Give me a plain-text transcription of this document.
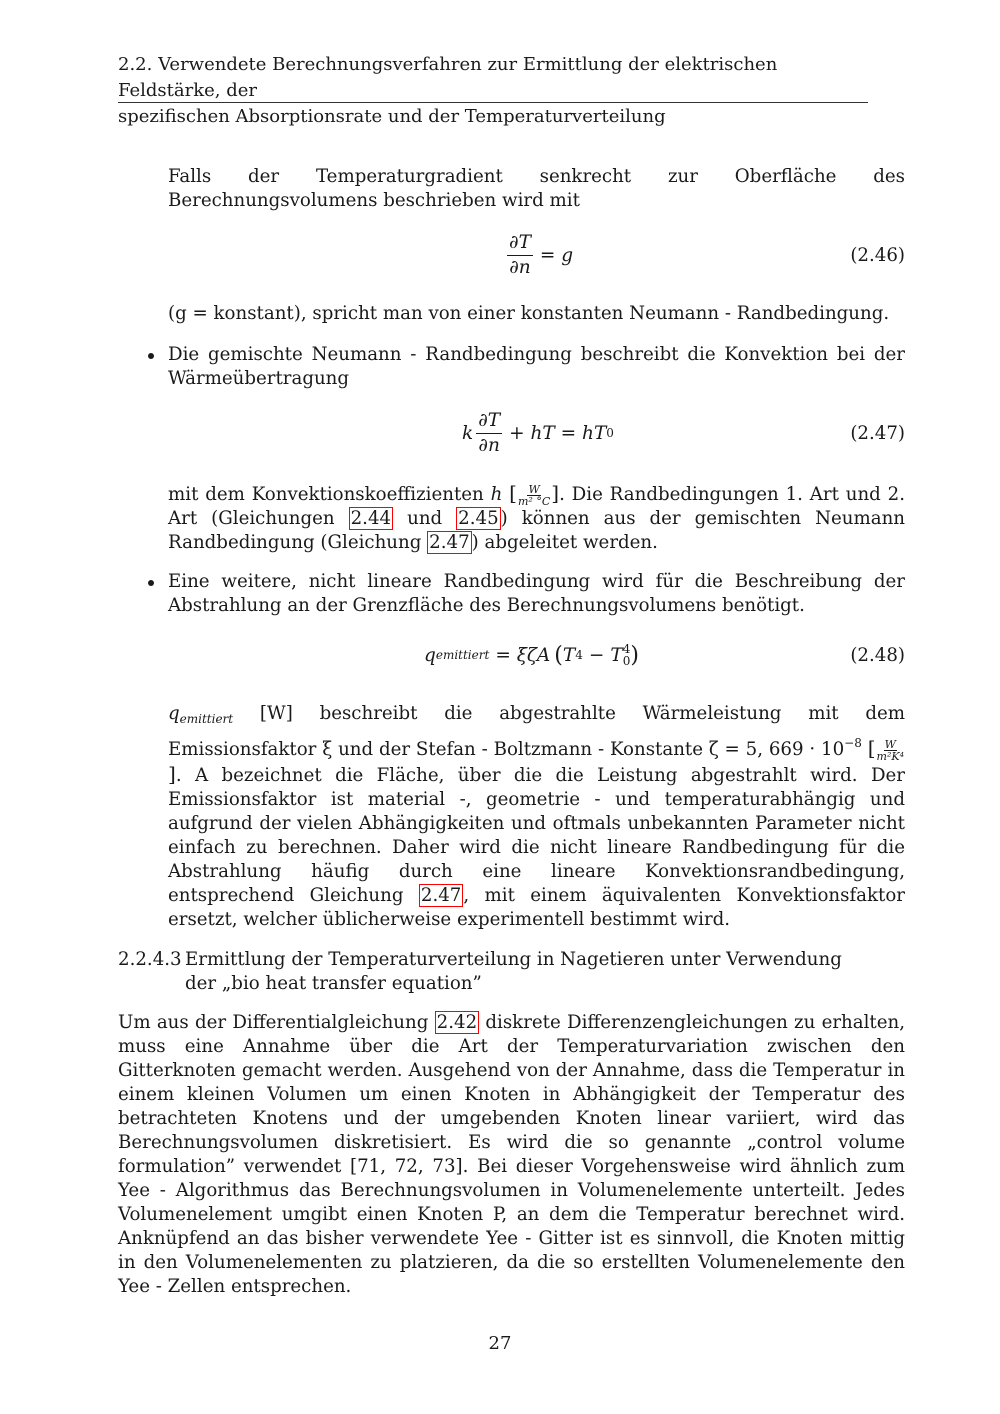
2.2. Verwendete Berechnungsverfahren zur Ermittlung der elektrischen Feldstärke, der
spezifischen Absorptionsrate und der Temperaturverteilung
Falls der Temperaturgradient senkrecht zur Oberfläche des Berechnungsvolumens beschrieben wird mit
$\frac{\partial T}{\partial n} = g$	(2.46)
(g = konstant), spricht man von einer konstanten Neumann - Randbedingung.
Die gemischte Neumann - Randbedingung beschreibt die Konvektion bei der Wärmeübertragung
k $\frac{\partial T}{\partial n}$ + hT = hT 0	(2.47)
mit dem Konvektionskoeffizienten h [ $\frac{W}{\text{m² °C}}$ ]. Die Randbedingungen 1. Art und 2. Art (Gleichungen 2.44 und 2.45 ) können aus der gemischten Neumann Randbedingung (Gleichung 2.47 ) abgeleitet werden.
Eine weitere, nicht lineare Randbedingung wird für die Beschreibung der Abstrahlung an der Grenzfläche des Berechnungsvolumens benötigt.
q emittiert = ξζA ( T 4 − T 4
0 )	(2.48)
$q_{emittiert}$ [W] beschreibt die abgestrahlte Wärmeleistung mit dem Emissionsfaktor ξ und der Stefan - Boltzmann - Konstante ζ = 5, $669 \cdot 10^{-8}$ [ $\frac{W}{\text{m²K⁴}}$
]. A bezeichnet die Fläche, über die die Leistung abgestrahlt wird. Der Emissionsfaktor ist material -, geometrie - und temperaturabhängig und aufgrund der vielen Abhängigkeiten und oftmals unbekannten Parameter nicht einfach zu berechnen. Daher wird die nicht lineare Randbedingung für die Abstrahlung häufig durch eine lineare Konvektionsrandbedingung, entsprechend Gleichung 2.47 , mit einem äquivalenten Konvektionsfaktor ersetzt, welcher üblicherweise experimentell bestimmt wird.
2.2.4.3 Ermittlung der Temperaturverteilung in Nagetieren unter Verwendung der „bio heat transfer equation”
Um aus der Differentialgleichung 2.42 diskrete Differenzengleichungen zu erhalten, muss eine Annahme über die Art der Temperaturvariation zwischen den Gitterknoten gemacht werden. Ausgehend von der Annahme, dass die Temperatur in einem kleinen Volumen um einen Knoten in Abhängigkeit der Temperatur des betrachteten Knotens und der umgebenden Knoten linear variiert, wird das Berechnungsvolumen diskretisiert. Es wird die so genannte „control volume formulation” verwendet [71, 72, 73]. Bei dieser Vorgehensweise wird ähnlich zum Yee - Algorithmus das Berechnungsvolumen in Volumenelemente unterteilt. Jedes Volumenelement umgibt einen Knoten P, an dem die Temperatur berechnet wird. Anknüpfend an das bisher verwendete Yee - Gitter ist es sinnvoll, die Knoten mittig in den Volumenelementen zu platzieren, da die so erstellten Volumenelemente den Yee - Zellen entsprechen.
27
